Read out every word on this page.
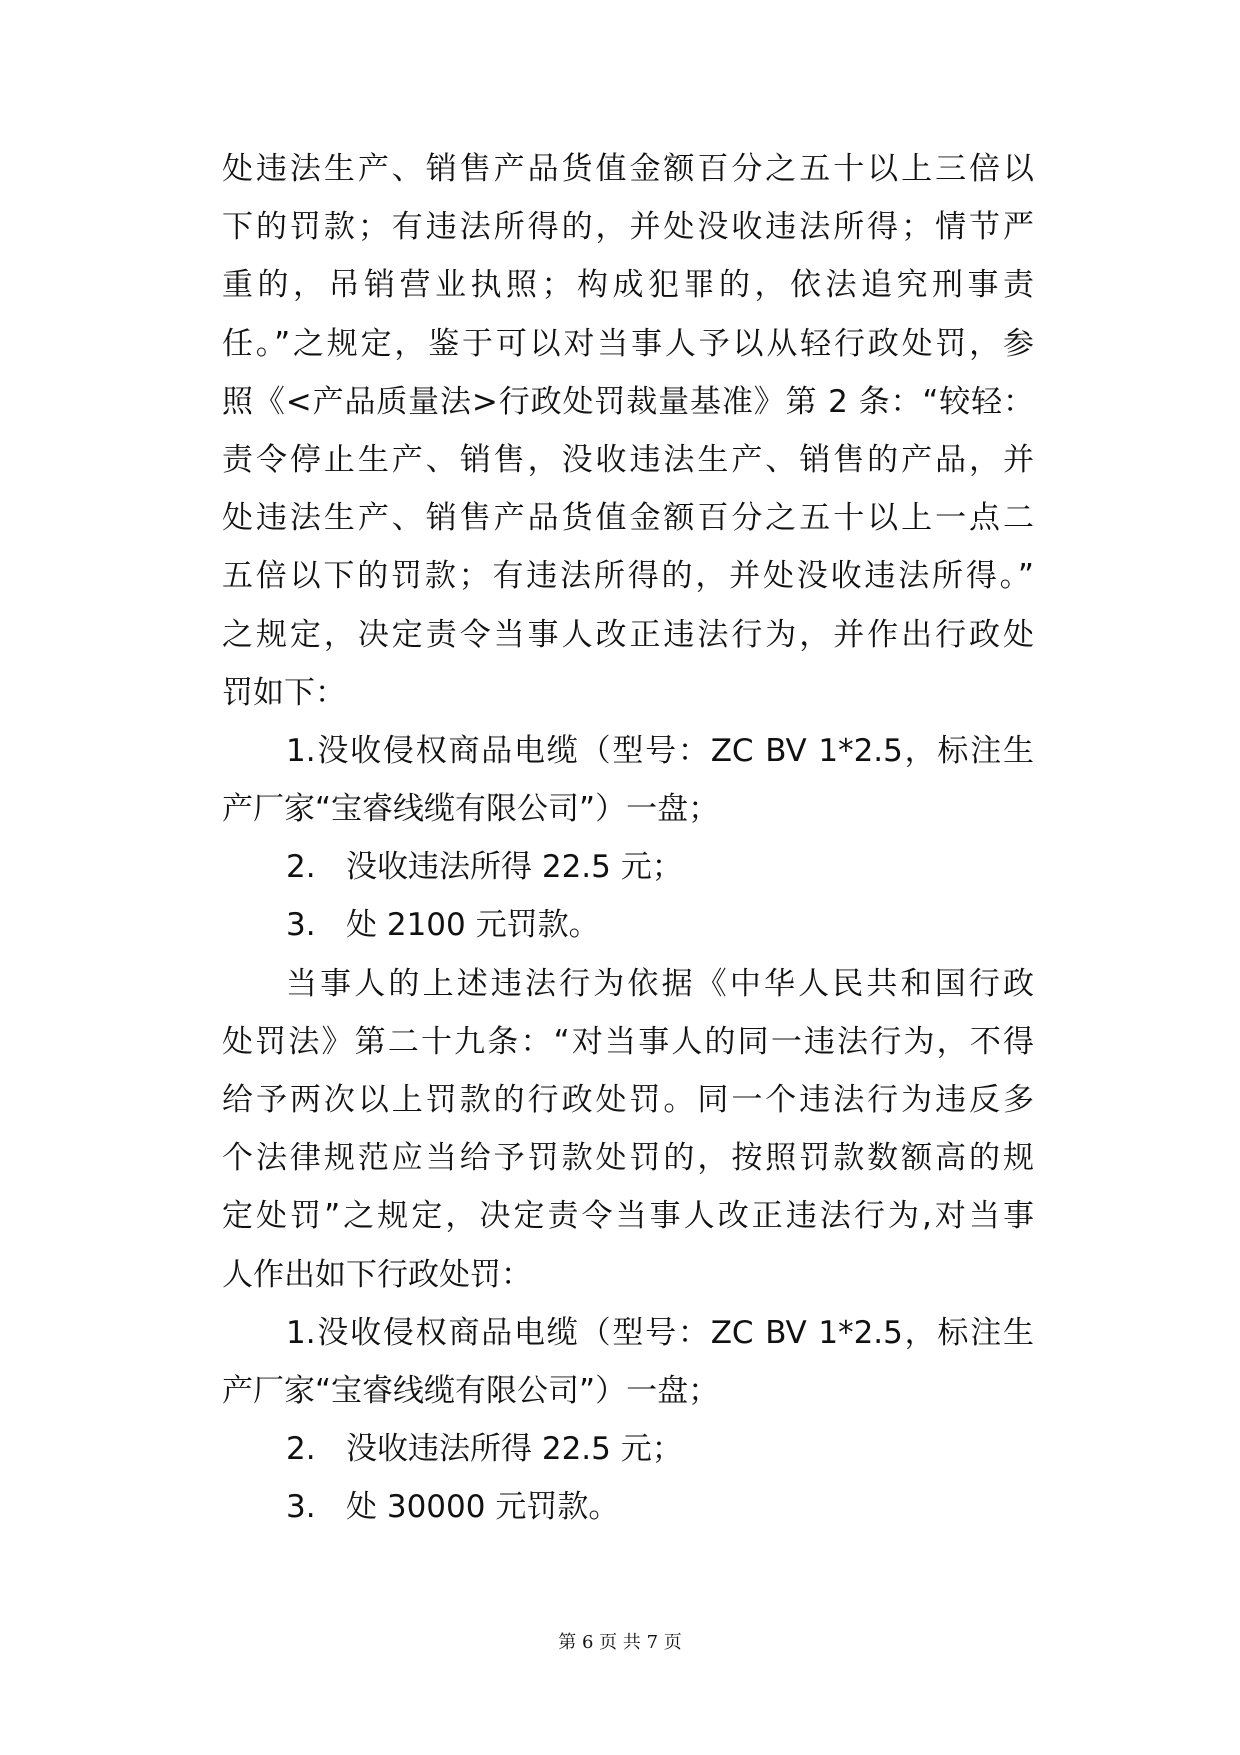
处违法生产、销售产品货值金额百分之五十以上三倍以
下的罚款；有违法所得的，并处没收违法所得；情节严
重的，吊销营业执照；构成犯罪的，依法追究刑事责
任。”之规定，鉴于可以对当事人予以从轻行政处罚，参
照《<产品质量法>行政处罚裁量基准》第 2 条：“较轻：
责令停止生产、销售，没收违法生产、销售的产品，并
处违法生产、销售产品货值金额百分之五十以上一点二
五倍以下的罚款；有违法所得的，并处没收违法所得。”
之规定，决定责令当事人改正违法行为，并作出行政处
罚如下：
1.没收侵权商品电缆（型号：ZC BV 1*2.5，标注生
产厂家“宝睿线缆有限公司”）一盘；
2. 没收违法所得 22.5 元；
3. 处 2100 元罚款。
当事人的上述违法行为依据《中华人民共和国行政
处罚法》第二十九条：“对当事人的同一违法行为，不得
给予两次以上罚款的行政处罚。同一个违法行为违反多
个法律规范应当给予罚款处罚的，按照罚款数额高的规
定处罚”之规定，决定责令当事人改正违法行为,对当事
人作出如下行政处罚：
1.没收侵权商品电缆（型号：ZC BV 1*2.5，标注生
产厂家“宝睿线缆有限公司”）一盘；
2. 没收违法所得 22.5 元；
3. 处 30000 元罚款。
第 6 页 共 7 页
